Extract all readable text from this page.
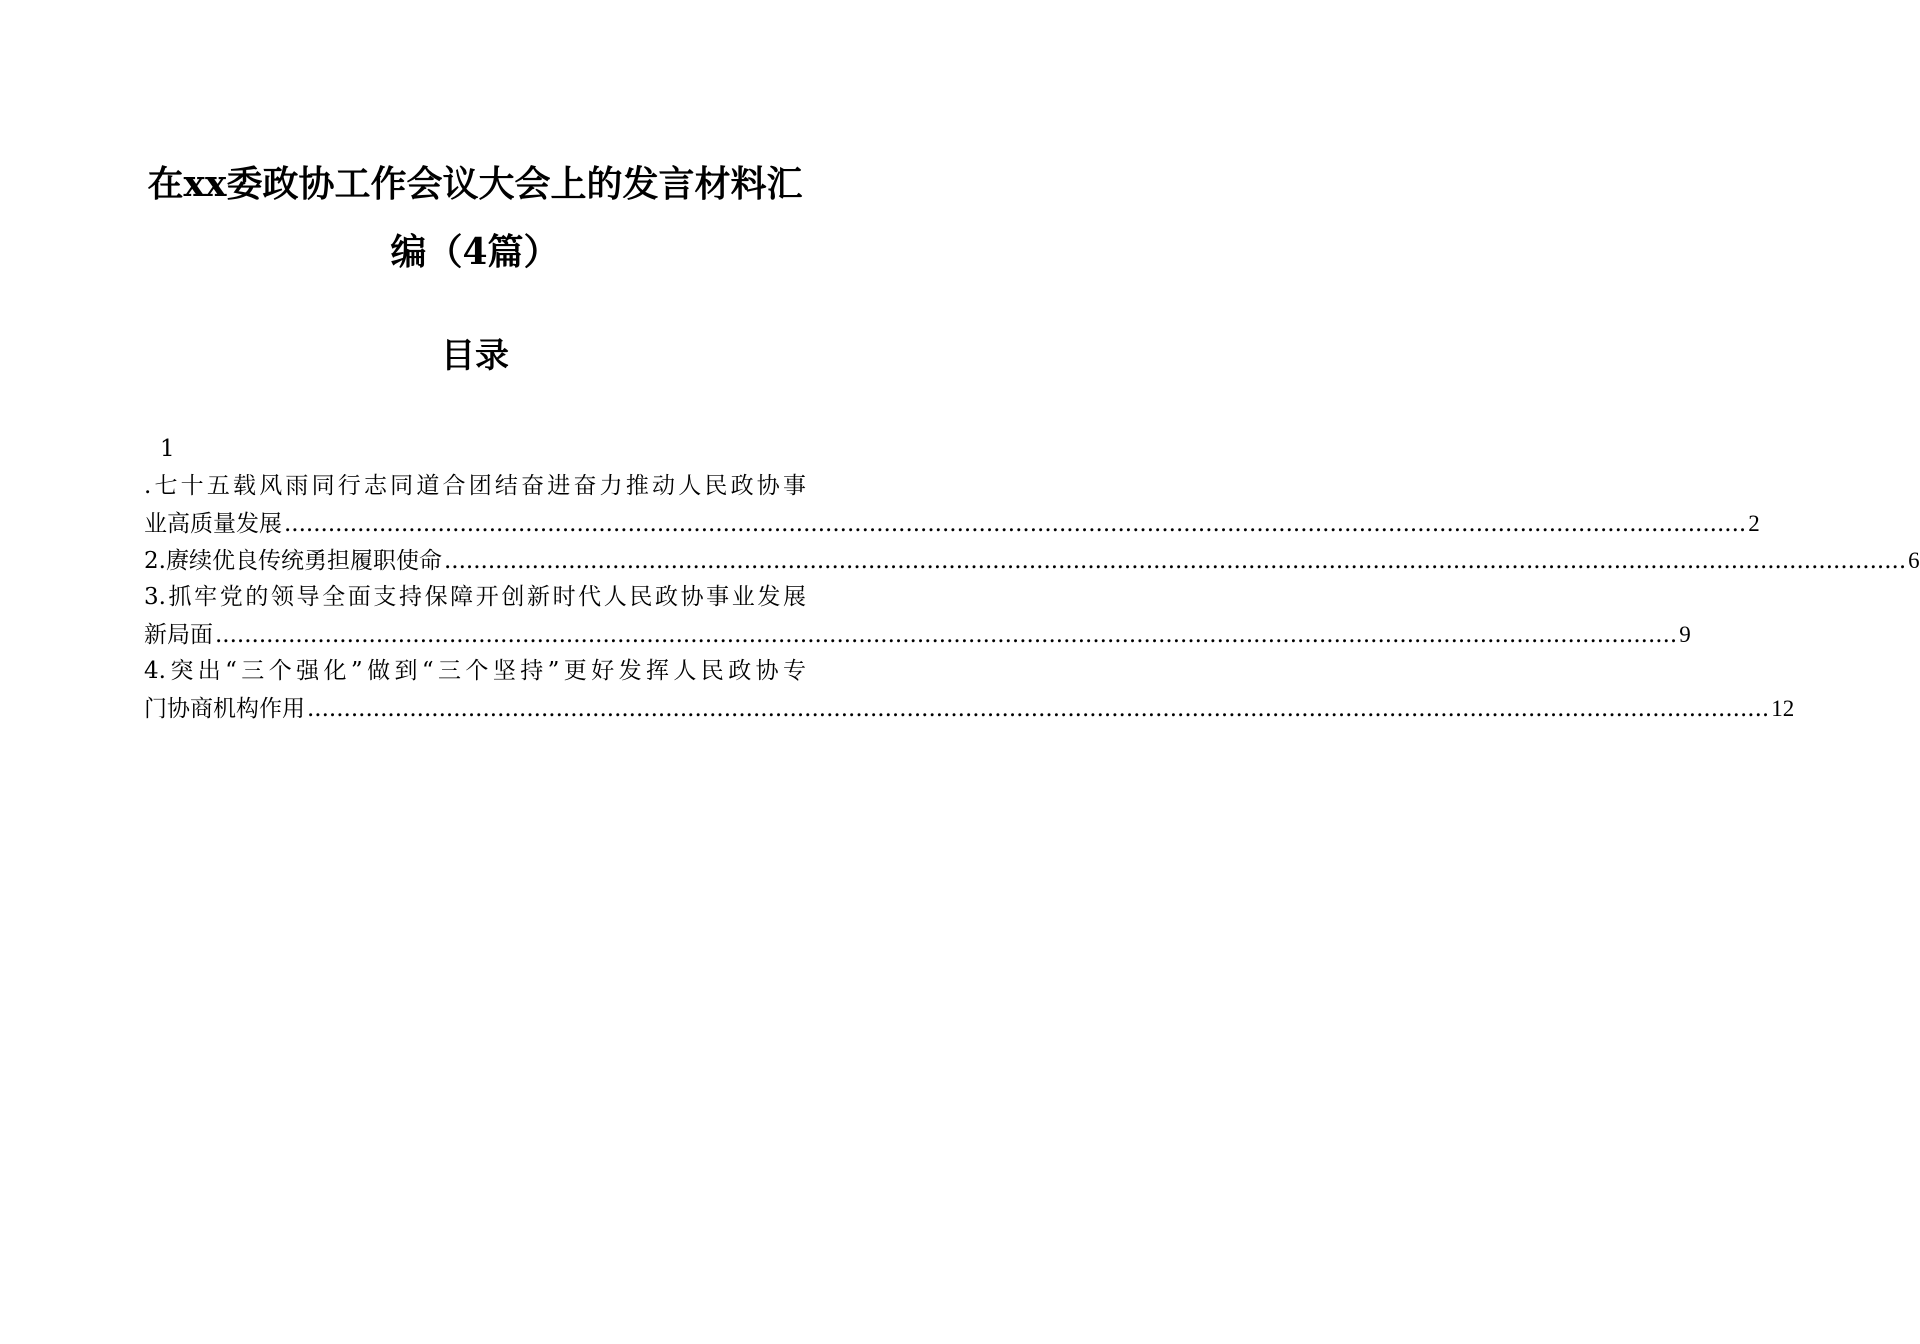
在xx委政协工作会议大会上的发言材料汇
编（4篇）
目录
1
.七十五载风雨同行志同道合团结奋进奋力推动人民政协事
业高质量发展 ........................................................................................................................................................................................................ 2
2.赓续优良传统勇担履职使命 ........................................................................................................................................................................................................ 6
3.抓牢党的领导全面支持保障开创新时代人民政协事业发展
新局面 ........................................................................................................................................................................................................ 9
4.突出“三个强化”做到“三个坚持”更好发挥人民政协专
门协商机构作用 ........................................................................................................................................................................................................ 12
